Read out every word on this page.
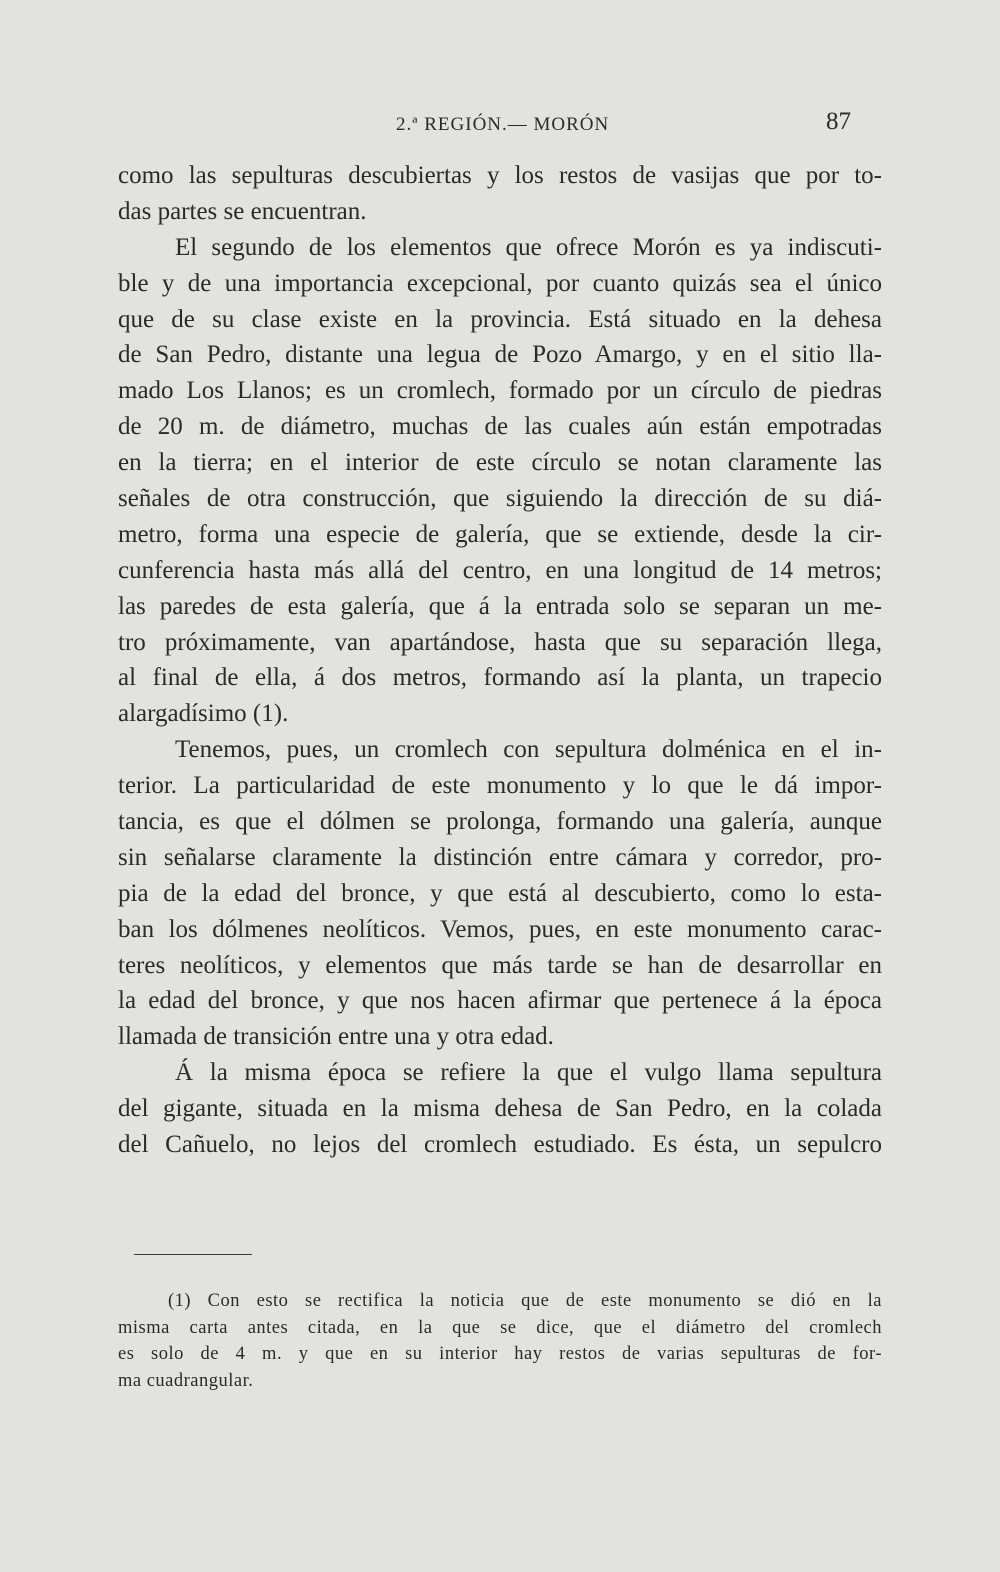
2.ª REGIÓN.— MORÓN	87
como las sepulturas descubiertas y los restos de vasijas que por to-
das partes se encuentran.
El segundo de los elementos que ofrece Morón es ya indiscuti-
ble y de una importancia excepcional, por cuanto quizás sea el único
que de su clase existe en la provincia. Está situado en la dehesa
de San Pedro, distante una legua de Pozo Amargo, y en el sitio lla-
mado Los Llanos; es un cromlech, formado por un círculo de piedras
de 20 m. de diámetro, muchas de las cuales aún están empotradas
en la tierra; en el interior de este círculo se notan claramente las
señales de otra construcción, que siguiendo la dirección de su diá-
metro, forma una especie de galería, que se extiende, desde la cir-
cunferencia hasta más allá del centro, en una longitud de 14 metros;
las paredes de esta galería, que á la entrada solo se separan un me-
tro próximamente, van apartándose, hasta que su separación llega,
al final de ella, á dos metros, formando así la planta, un trapecio
alargadísimo (1).
Tenemos, pues, un cromlech con sepultura dolménica en el in-
terior. La particularidad de este monumento y lo que le dá impor-
tancia, es que el dólmen se prolonga, formando una galería, aunque
sin señalarse claramente la distinción entre cámara y corredor, pro-
pia de la edad del bronce, y que está al descubierto, como lo esta-
ban los dólmenes neolíticos. Vemos, pues, en este monumento carac-
teres neolíticos, y elementos que más tarde se han de desarrollar en
la edad del bronce, y que nos hacen afirmar que pertenece á la época
llamada de transición entre una y otra edad.
Á la misma época se refiere la que el vulgo llama sepultura
del gigante, situada en la misma dehesa de San Pedro, en la colada
del Cañuelo, no lejos del cromlech estudiado. Es ésta, un sepulcro
(1) Con esto se rectifica la noticia que de este monumento se dió en la
misma carta antes citada, en la que se dice, que el diámetro del cromlech
es solo de 4 m. y que en su interior hay restos de varias sepulturas de for-
ma cuadrangular.
